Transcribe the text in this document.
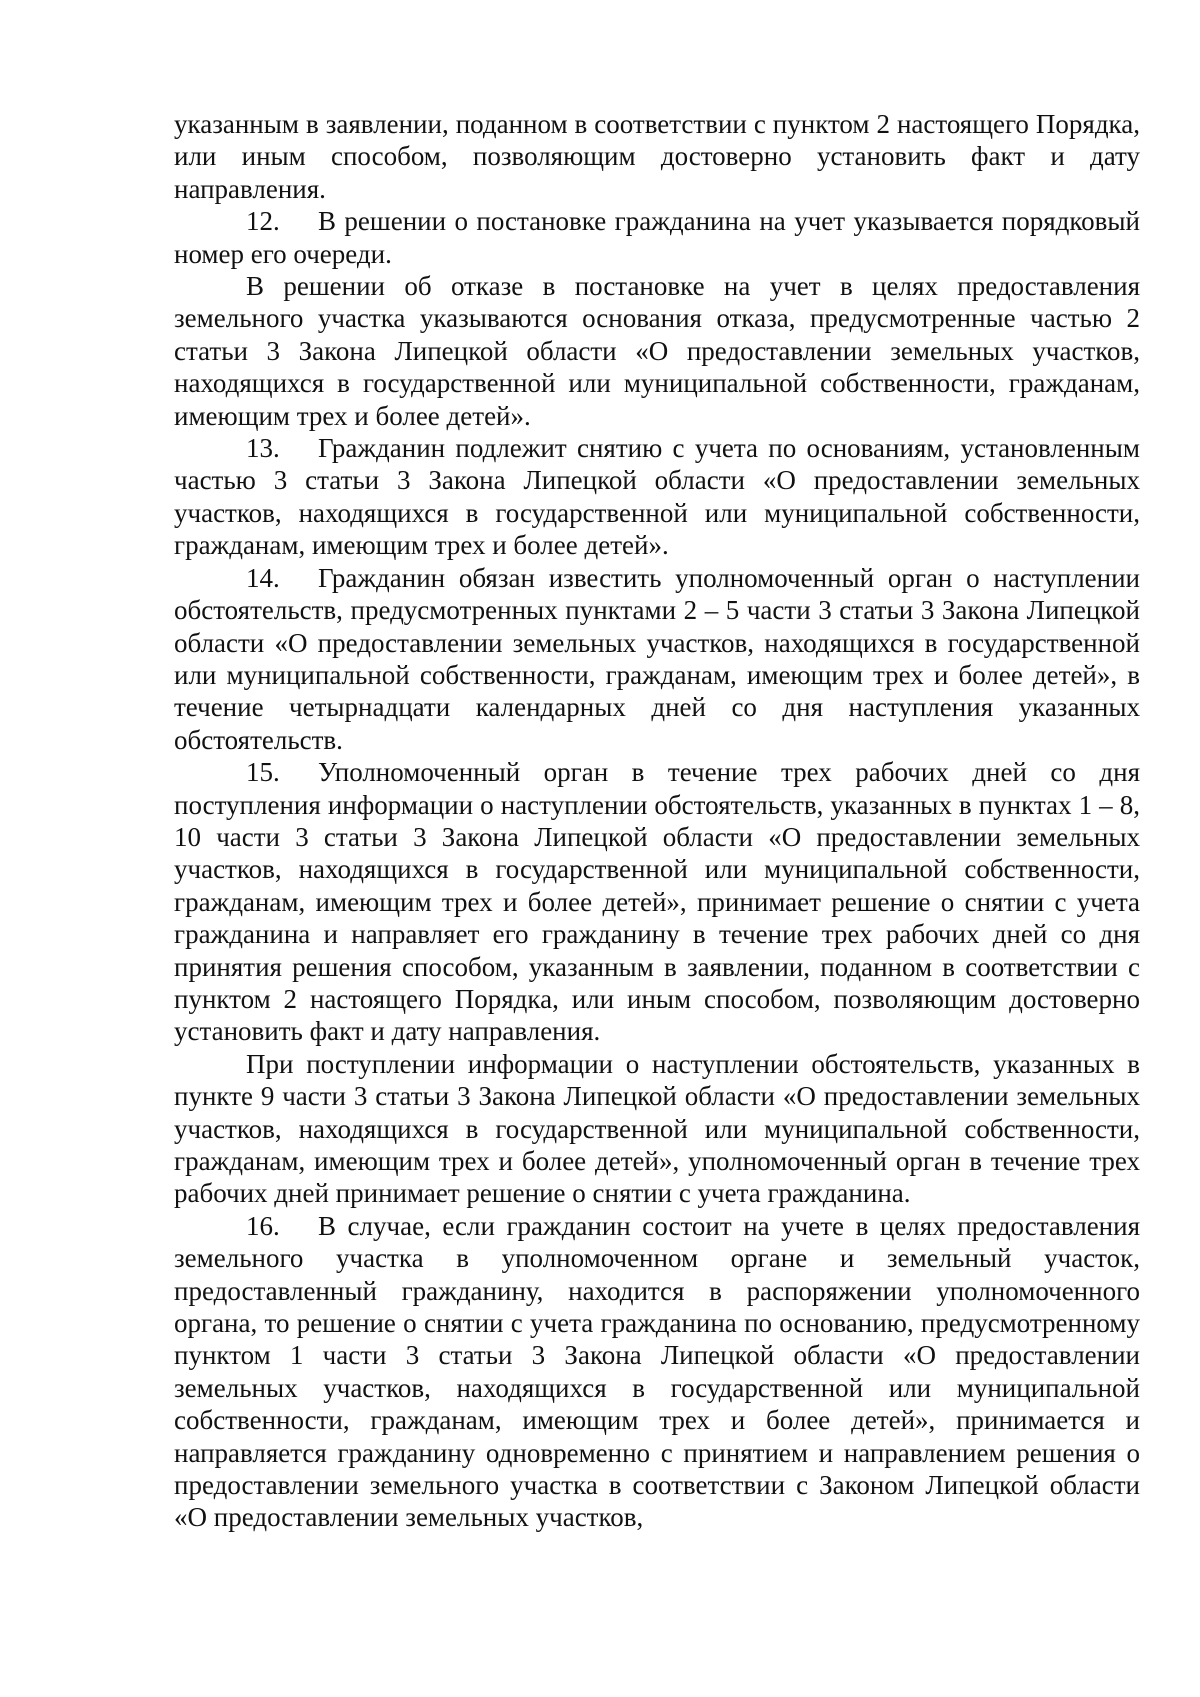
указанным в заявлении, поданном в соответствии с пунктом 2 настоящего Порядка, или иным способом, позволяющим достоверно установить факт и дату направления.

12. В решении о постановке гражданина на учет указывается порядковый номер его очереди.

В решении об отказе в постановке на учет в целях предоставления земельного участка указываются основания отказа, предусмотренные частью 2 статьи 3 Закона Липецкой области «О предоставлении земельных участков, находящихся в государственной или муниципальной собственности, гражданам, имеющим трех и более детей».

13. Гражданин подлежит снятию с учета по основаниям, установленным частью 3 статьи 3 Закона Липецкой области «О предоставлении земельных участков, находящихся в государственной или муниципальной собственности, гражданам, имеющим трех и более детей».

14. Гражданин обязан известить уполномоченный орган о наступлении обстоятельств, предусмотренных пунктами 2 – 5 части 3 статьи 3 Закона Липецкой области «О предоставлении земельных участков, находящихся в государственной или муниципальной собственности, гражданам, имеющим трех и более детей», в течение четырнадцати календарных дней со дня наступления указанных обстоятельств.

15. Уполномоченный орган в течение трех рабочих дней со дня поступления информации о наступлении обстоятельств, указанных в пунктах 1 – 8, 10 части 3 статьи 3 Закона Липецкой области «О предоставлении земельных участков, находящихся в государственной или муниципальной собственности, гражданам, имеющим трех и более детей», принимает решение о снятии с учета гражданина и направляет его гражданину в течение трех рабочих дней со дня принятия решения способом, указанным в заявлении, поданном в соответствии с пунктом 2 настоящего Порядка, или иным способом, позволяющим достоверно установить факт и дату направления.

При поступлении информации о наступлении обстоятельств, указанных в пункте 9 части 3 статьи 3 Закона Липецкой области «О предоставлении земельных участков, находящихся в государственной или муниципальной собственности, гражданам, имеющим трех и более детей», уполномоченный орган в течение трех рабочих дней принимает решение о снятии с учета гражданина.

16. В случае, если гражданин состоит на учете в целях предоставления земельного участка в уполномоченном органе и земельный участок, предоставленный гражданину, находится в распоряжении уполномоченного органа, то решение о снятии с учета гражданина по основанию, предусмотренному пунктом 1 части 3 статьи 3 Закона Липецкой области «О предоставлении земельных участков, находящихся в государственной или муниципальной собственности, гражданам, имеющим трех и более детей», принимается и направляется гражданину одновременно с принятием и направлением решения о предоставлении земельного участка в соответствии с Законом Липецкой области «О предоставлении земельных участков,
